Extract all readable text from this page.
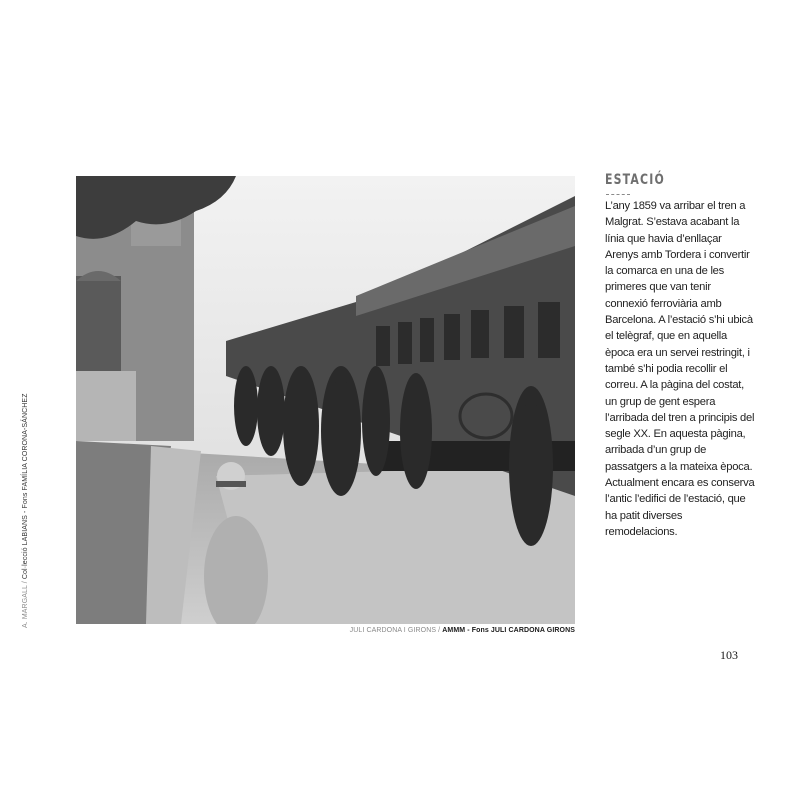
JULI CARDONA I GIRONS / AMMM - Fons JULI CARDONA GIRONS
A. MARGALL / Col·lecció LABIANS - Fons FAMÍLIA CORONA-SÁNCHEZ
ESTACIÓ
L’any 1859 va arribar el tren a Malgrat. S’estava acabant la línia que havia d’enllaçar Arenys amb Tordera i convertir la comarca en una de les primeres que van tenir connexió ferroviària amb Barcelona. A l’estació s’hi ubicà el telègraf, que en aquella època era un servei restringit, i també s’hi podia recollir el correu. A la pàgina del costat, un grup de gent espera l’arribada del tren a principis del segle XX. En aquesta pàgina, arribada d’un grup de passatgers a la mateixa època. Actualment encara es conserva l’antic l’edifici de l’estació, que ha patit diverses remodelacions.
103
